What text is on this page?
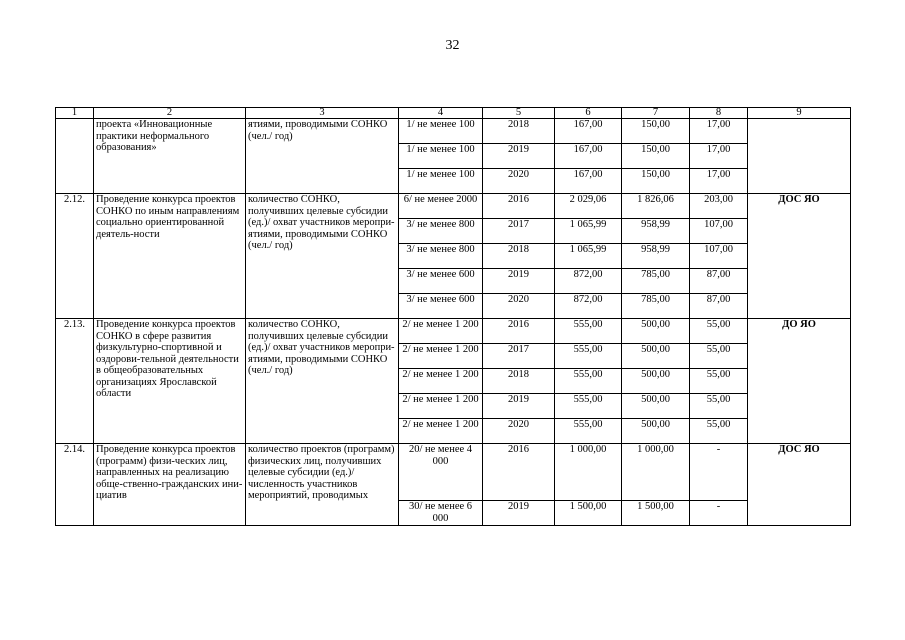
32
1	2	3	4	5	6	7	8	9
	проекта «Инновационные практики неформального образования»	ятиями, проводимыми СОНКО (чел./ год)	1/ не менее 100	2018	167,00	150,00	17,00	
			1/ не менее 100	2019	167,00	150,00	17,00	
			1/ не менее 100	2020	167,00	150,00	17,00	
2.12.	Проведение конкурса проектов СОНКО по иным направлениям социально ориентированной деятель-ности	количество СОНКО, получивших целевые субсидии (ед.)/ охват участников меропри-ятиями, проводимыми СОНКО (чел./ год)	6/ не менее 2000	2016	2 029,06	1 826,06	203,00	ДОС ЯО
			3/ не менее 800	2017	1 065,99	958,99	107,00	
			3/ не менее 800	2018	1 065,99	958,99	107,00	
			3/ не менее 600	2019	872,00	785,00	87,00	
			3/ не менее 600	2020	872,00	785,00	87,00	
2.13.	Проведение конкурса проектов СОНКО в сфере развития физкультурно-спортивной и оздорови-тельной деятельности в общеобразовательных организациях Ярославской области	количество СОНКО, получивших целевые субсидии (ед.)/ охват участников меропри-ятиями, проводимыми СОНКО (чел./ год)	2/ не менее 1 200	2016	555,00	500,00	55,00	ДО ЯО
			2/ не менее 1 200	2017	555,00	500,00	55,00	
			2/ не менее 1 200	2018	555,00	500,00	55,00	
			2/ не менее 1 200	2019	555,00	500,00	55,00	
			2/ не менее 1 200	2020	555,00	500,00	55,00	
2.14.	Проведение конкурса проектов (программ) физи-ческих лиц, направленных на реализацию обще-ственно-гражданских ини-циатив	количество проектов (программ) физических лиц, получивших целевые субсидии (ед.)/ численность участников мероприятий, проводимых	20/ не менее 4 000	2016	1 000,00	1 000,00	-	ДОС ЯО
			30/ не менее 6 000	2019	1 500,00	1 500,00	-	
